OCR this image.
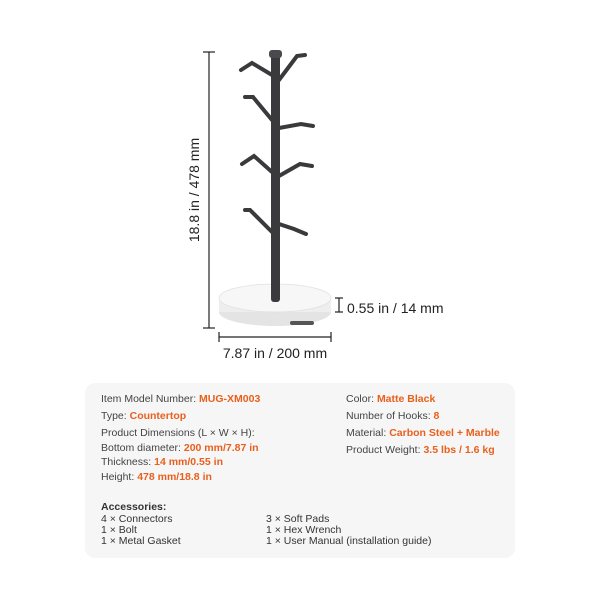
18.8 in / 478 mm
0.55 in / 14 mm
7.87 in / 200 mm
Item Model Number: MUG-XM003
Type: Countertop
Product Dimensions (L × W × H):
Bottom diameter: 200 mm/7.87 in
Thickness: 14 mm/0.55 in
Height: 478 mm/18.8 in
Color: Matte Black
Number of Hooks: 8
Material: Carbon Steel + Marble
Product Weight: 3.5 lbs / 1.6 kg
Accessories:
4 × Connectors
1 × Bolt
1 × Metal Gasket
3 × Soft Pads
1 × Hex Wrench
1 × User Manual (installation guide)
